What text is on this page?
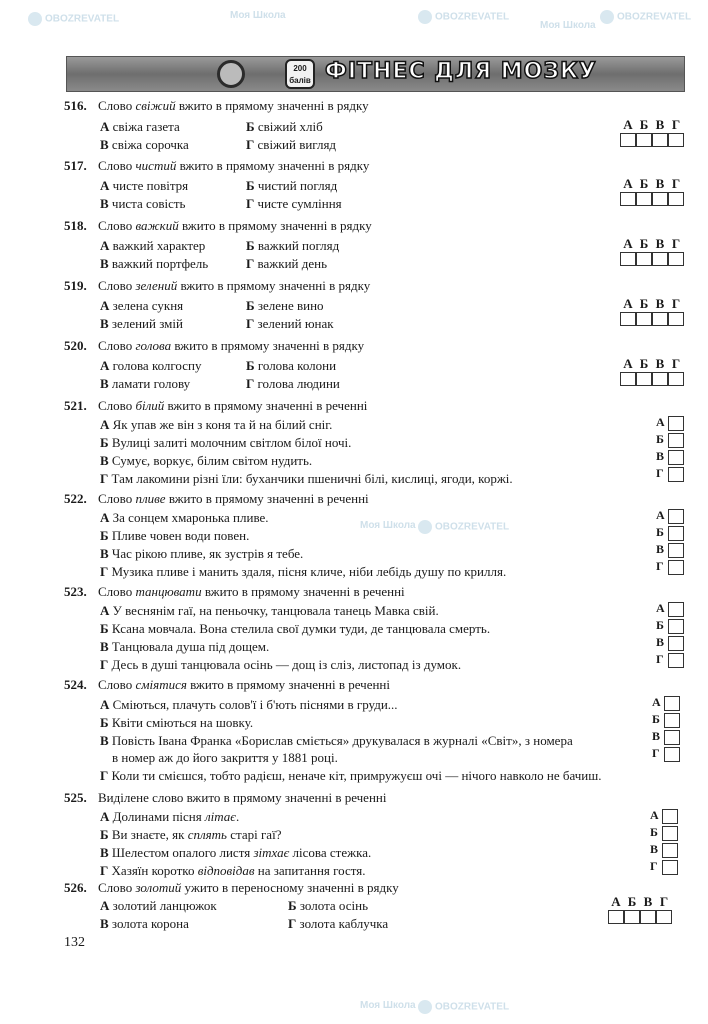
Моя Школа	OBOZREVATEL
OBOZREVATEL
Моя Школа
OBOZREVATEL
Моя Школа	OBOZREVATEL
Моя Школа	OBOZREVATEL
200 балів ФІТНЕС ДЛЯ МОЗКУ
516. Слово свіжий вжито в прямому значенні в рядку
А свіжа газета	Б свіжий хліб
В свіжа сорочка	Г свіжий вигляд
А Б В Г
517. Слово чистий вжито в прямому значенні в рядку
А чисте повітря	Б чистий погляд
В чиста совість	Г чисте сумління
А Б В Г
518. Слово важкий вжито в прямому значенні в рядку
А важкий характер	Б важкий погляд
В важкий портфель	Г важкий день
А Б В Г
519. Слово зелений вжито в прямому значенні в рядку
А зелена сукня	Б зелене вино
В зелений змій	Г зелений юнак
А Б В Г
520. Слово голова вжито в прямому значенні в рядку
А голова колгоспу	Б голова колони
В ламати голову	Г голова людини
А Б В Г
521. Слово білий вжито в прямому значенні в реченні
А Як упав же він з коня та й на білий сніг.
Б Вулиці залиті молочним світлом білої ночі.
В Сумує, воркує, білим світом нудить.
Г Там лакомини різні їли: буханчики пшеничні білі, кислиці, ягоди, коржі.
А
Б
В
Г
522. Слово пливе вжито в прямому значенні в реченні
А За сонцем хмаронька пливе.
Б Пливе човен води повен.
В Час рікою пливе, як зустрів я тебе.
Г Музика пливе і манить здаля, пісня кличе, ніби лебідь душу по крилля.
А
Б
В
Г
523. Слово танцювати вжито в прямому значенні в реченні
А У веснянім гаї, на пеньочку, танцювала танець Мавка свій.
Б Ксана мовчала. Вона стелила свої думки туди, де танцювала смерть.
В Танцювала душа під дощем.
Г Десь в душі танцювала осінь — дощ із сліз, листопад із думок.
А
Б
В
Г
524. Слово сміятися вжито в прямому значенні в реченні
А Сміються, плачуть солов'ї і б'ють піснями в груди...
Б Квіти сміються на шовку.
В Повість Івана Франка «Борислав сміється» друкувалася в журналі «Світ», з номера
в номер аж до його закриття у 1881 році.
Г Коли ти смієшся, тобто радієш, неначе кіт, примружуєш очі — нічого навколо не бачиш.
А
Б
В
Г
525. Виділене слово вжито в прямому значенні в реченні
А Долинами пісня літає.
Б Ви знаєте, як сплять старі гаї?
В Шелестом опалого листя зітхає лісова стежка.
Г Хазяїн коротко відповідав на запитання гостя.
А
Б
В
Г
526. Слово золотий ужито в переносному значенні в рядку
А золотий ланцюжок	Б золота осінь
В золота корона	Г золота каблучка
А Б В Г
132
